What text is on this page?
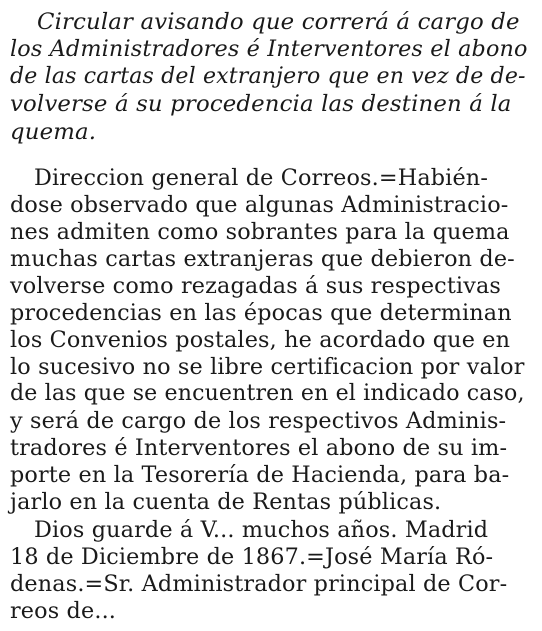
Circular avisando que correrá á cargo de
los Administradores é Interventores el abono
de las cartas del extranjero que en vez de de-
volverse á su procedencia las destinen á la
quema.
Direccion general de Correos.=Habién-
dose observado que algunas Administracio-
nes admiten como sobrantes para la quema
muchas cartas extranjeras que debieron de-
volverse como rezagadas á sus respectivas
procedencias en las épocas que determinan
los Convenios postales, he acordado que en
lo sucesivo no se libre certificacion por valor
de las que se encuentren en el indicado caso,
y será de cargo de los respectivos Adminis-
tradores é Interventores el abono de su im-
porte en la Tesorería de Hacienda, para ba-
jarlo en la cuenta de Rentas públicas.
Dios guarde á V... muchos años. Madrid
18 de Diciembre de 1867.=José María Ró-
denas.=Sr. Administrador principal de Cor-
reos de...
